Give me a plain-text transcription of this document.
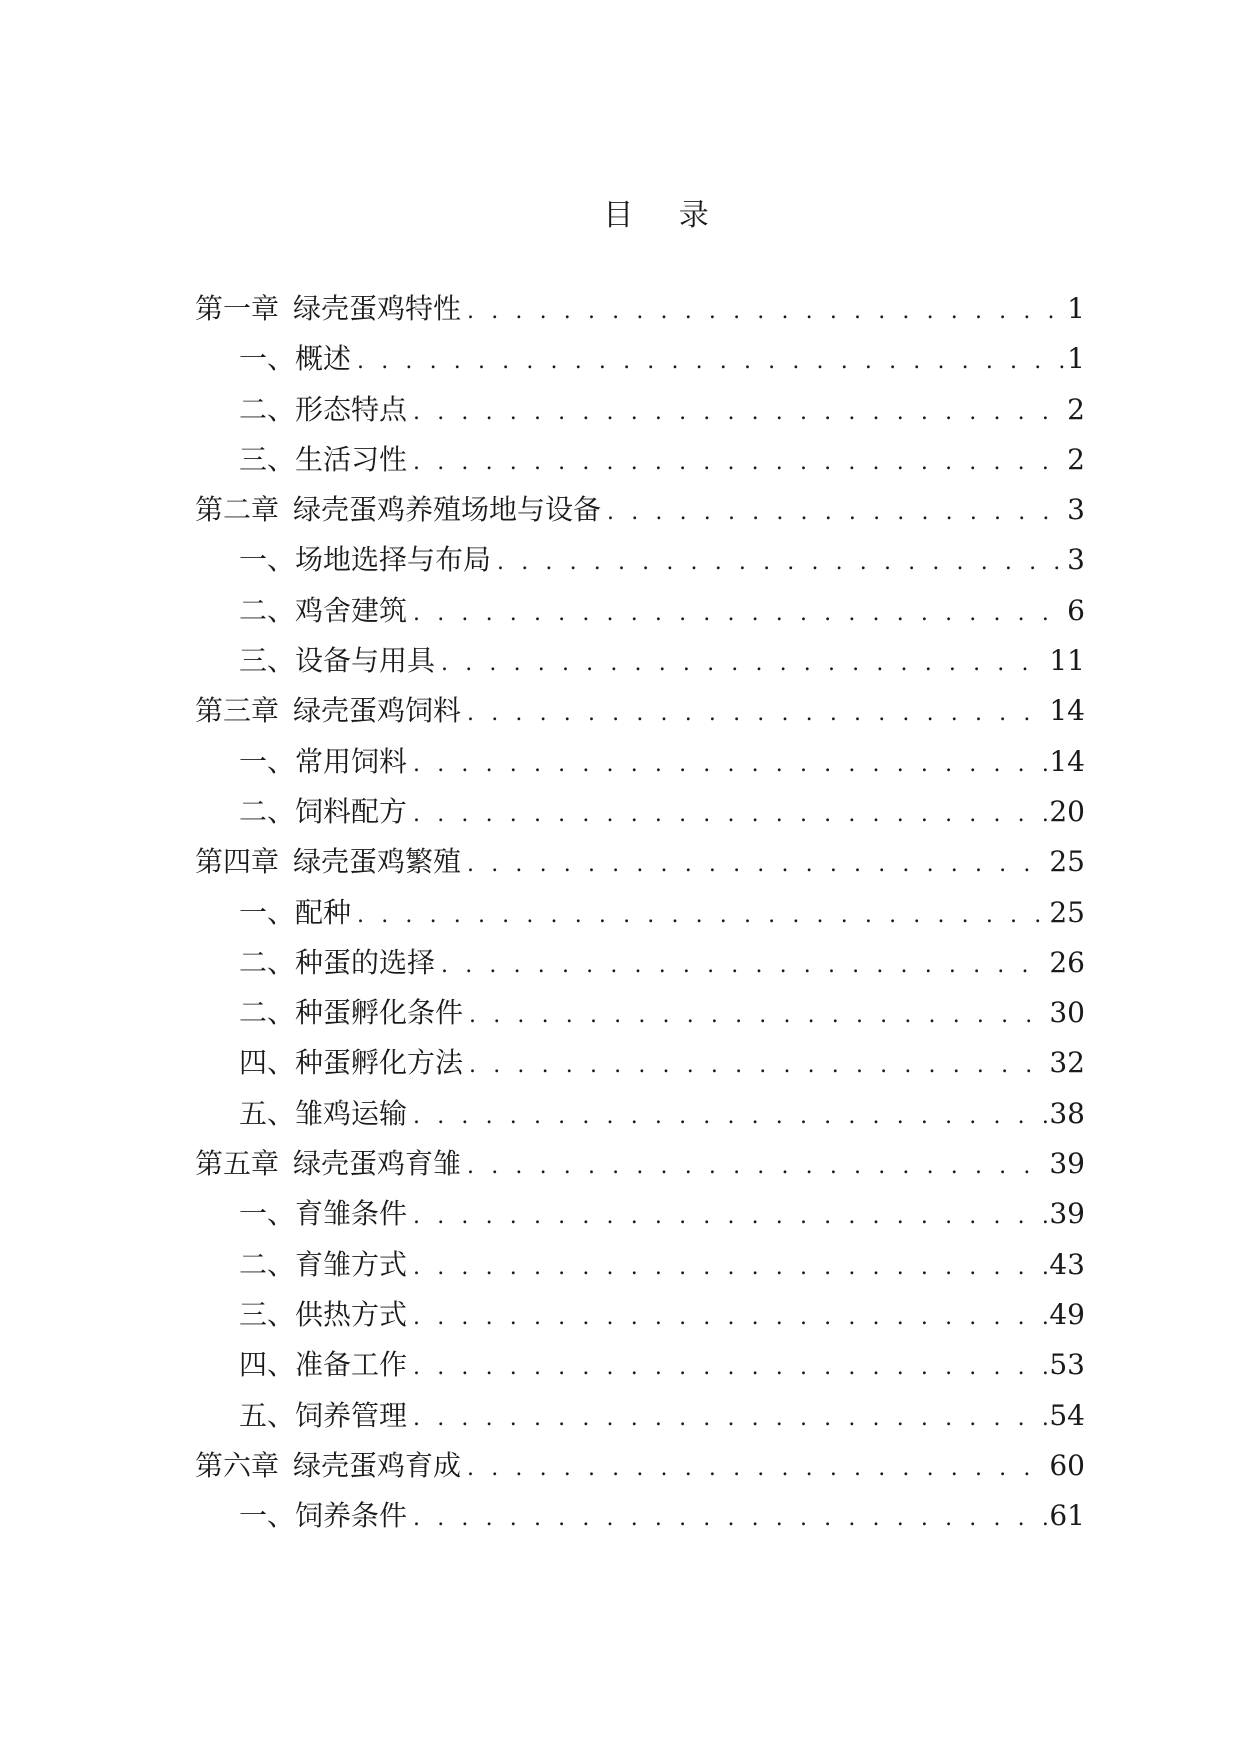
目 录
第一章 绿壳蛋鸡特性 . . .	1
一、概述 . . .	1
二、形态特点 . . .	2
三、生活习性 . . .	2
第二章 绿壳蛋鸡养殖场地与设备 . . .	3
一、场地选择与布局 . . .	3
二、鸡舍建筑 . . .	6
三、设备与用具 . . .	11
第三章 绿壳蛋鸡饲料 . . .	14
一、常用饲料 . . .	14
二、饲料配方 . . .	20
第四章 绿壳蛋鸡繁殖 . . .	25
一、配种 . . .	25
二、种蛋的选择 . . .	26
二、种蛋孵化条件 . . .	30
四、种蛋孵化方法 . . .	32
五、雏鸡运输 . . .	38
第五章 绿壳蛋鸡育雏 . . .	39
一、育雏条件 . . .	39
二、育雏方式 . . .	43
三、供热方式 . . .	49
四、准备工作 . . .	53
五、饲养管理 . . .	54
第六章 绿壳蛋鸡育成 . . .	60
一、饲养条件 . . .	61
